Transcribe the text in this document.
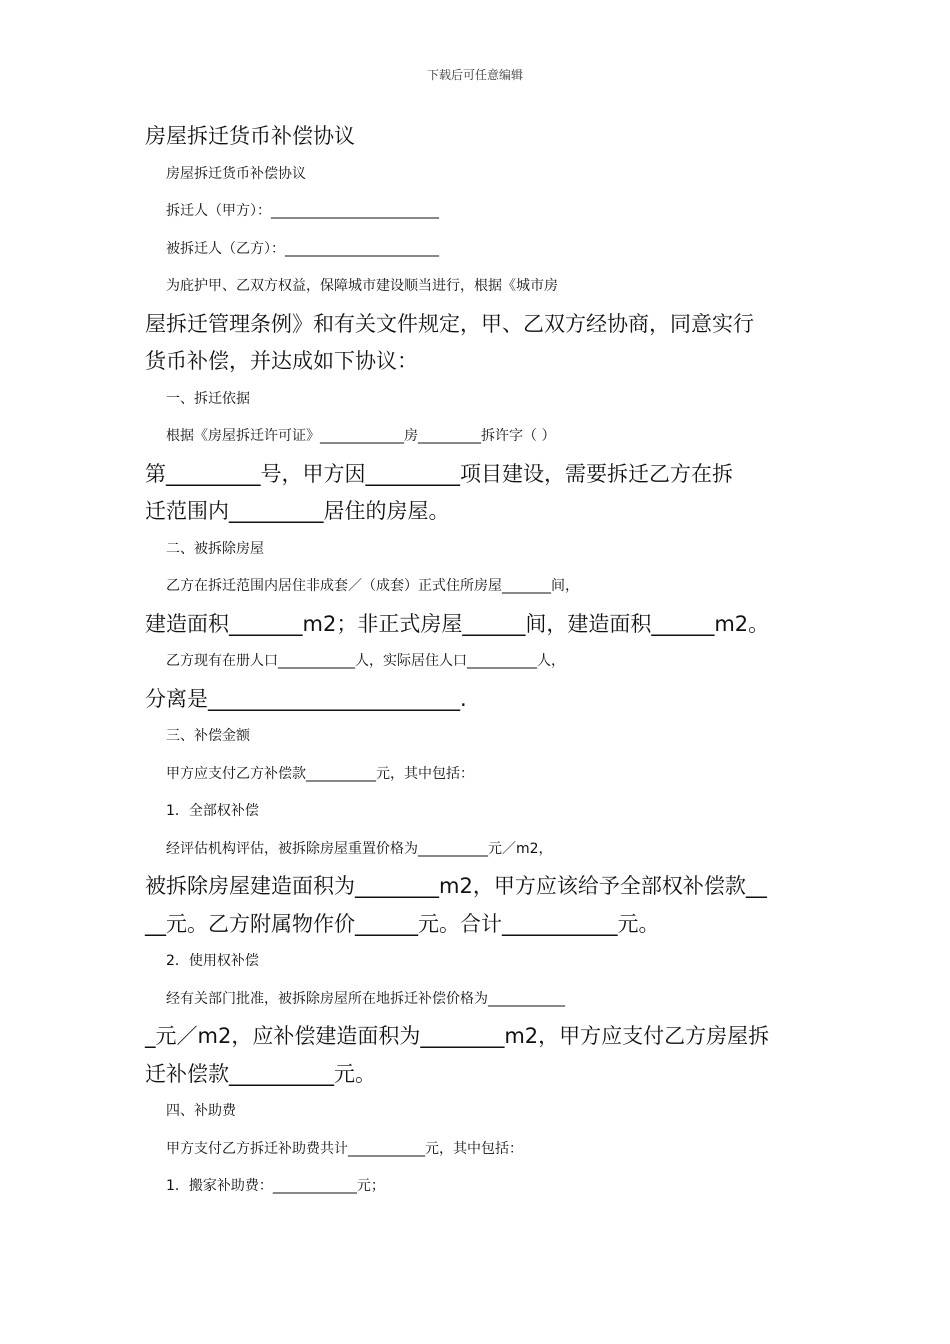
下载后可任意编辑
房屋拆迁货币补偿协议
房屋拆迁货币补偿协议
拆迁人（甲方）：________________________
被拆迁人（乙方）：______________________
为庇护甲、乙双方权益，保障城市建设顺当进行，根据《城市房
屋拆迁管理条例》和有关文件规定，甲、乙双方经协商，同意实行
货币补偿，并达成如下协议：
一、拆迁依据
根据《房屋拆迁许可证》____________房_________拆许字（ ）
第_________号，甲方因_________项目建设，需要拆迁乙方在拆
迁范围内_________居住的房屋。
二、被拆除房屋
乙方在拆迁范围内居住非成套／（成套）正式住所房屋_______间，
建造面积_______m2；非正式房屋______间，建造面积______m2。
乙方现有在册人口___________人，实际居住人口__________人，
分离是________________________.
三、补偿金额
甲方应支付乙方补偿款__________元，其中包括：
1．全部权补偿
经评估机构评估，被拆除房屋重置价格为__________元／m2，
被拆除房屋建造面积为________m2，甲方应该给予全部权补偿款__
__元。乙方附属物作价______元。合计___________元。
2．使用权补偿
经有关部门批准，被拆除房屋所在地拆迁补偿价格为___________
_元／m2，应补偿建造面积为________m2，甲方应支付乙方房屋拆
迁补偿款__________元。
四、补助费
甲方支付乙方拆迁补助费共计___________元，其中包括：
1．搬家补助费：____________元；
